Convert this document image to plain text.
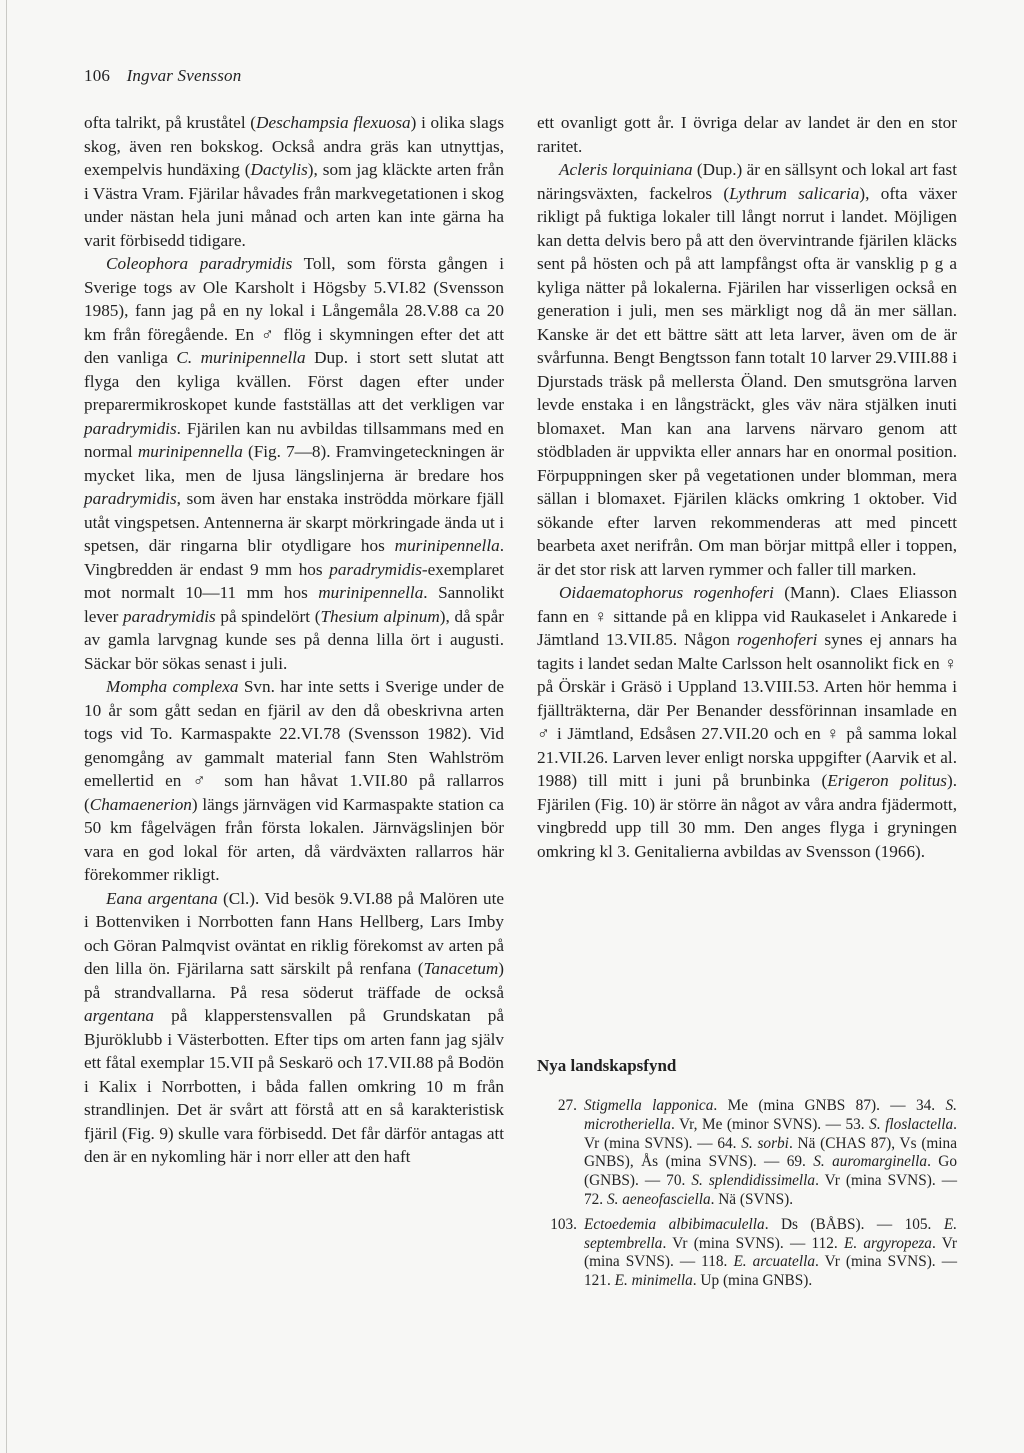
106 Ingvar Svensson

ofta talrikt, på kruståtel (Deschampsia flexuosa) i olika slags skog, även ren bokskog. Också andra gräs kan utnyttjas, exempelvis hundäxing (Dactylis), som jag kläckte arten från i Västra Vram. Fjärilar håvades från markvegetationen i skog under nästan hela juni månad och arten kan inte gärna ha varit förbisedd tidigare.

Coleophora paradrymidis Toll, som första gången i Sverige togs av Ole Karsholt i Högsby 5.VI.82 (Svensson 1985), fann jag på en ny lokal i Långemåla 28.V.88 ca 20 km från föregående. En ♂ flög i skymningen efter det att den vanliga C. murinipennella Dup. i stort sett slutat att flyga den kyliga kvällen. Först dagen efter under preparermikroskopet kunde fastställas att det verkligen var paradrymidis. Fjärilen kan nu avbildas tillsammans med en normal murinipennella (Fig. 7—8). Framvingeteckningen är mycket lika, men de ljusa längslinjerna är bredare hos paradrymidis, som även har enstaka inströdda mörkare fjäll utåt vingspetsen. Antennerna är skarpt mörkringade ända ut i spetsen, där ringarna blir otydligare hos murinipennella. Vingbredden är endast 9 mm hos paradrymidis-exemplaret mot normalt 10—11 mm hos murinipennella. Sannolikt lever paradrymidis på spindelört (Thesium alpinum), då spår av gamla larvgnag kunde ses på denna lilla ört i augusti. Säckar bör sökas senast i juli.

Mompha complexa Svn. har inte setts i Sverige under de 10 år som gått sedan en fjäril av den då obeskrivna arten togs vid To. Karmaspakte 22.VI.78 (Svensson 1982). Vid genomgång av gammalt material fann Sten Wahlström emellertid en ♂ som han håvat 1.VII.80 på rallarros (Chamaenerion) längs järnvägen vid Karmaspakte station ca 50 km fågelvägen från första lokalen. Järnvägslinjen bör vara en god lokal för arten, då värdväxten rallarros här förekommer rikligt.

Eana argentana (Cl.). Vid besök 9.VI.88 på Malören ute i Bottenviken i Norrbotten fann Hans Hellberg, Lars Imby och Göran Palmqvist oväntat en riklig förekomst av arten på den lilla ön. Fjärilarna satt särskilt på renfana (Tanacetum) på strandvallarna. På resa söderut träffade de också argentana på klapperstensvallen på Grundskatan på Bjuröklubb i Västerbotten. Efter tips om arten fann jag själv ett fåtal exemplar 15.VII på Seskarö och 17.VII.88 på Bodön i Kalix i Norrbotten, i båda fallen omkring 10 m från strandlinjen. Det är svårt att förstå att en så karakteristisk fjäril (Fig. 9) skulle vara förbisedd. Det får därför antagas att den är en nykomling här i norr eller att den haft

ett ovanligt gott år. I övriga delar av landet är den en stor raritet.

Acleris lorquiniana (Dup.) är en sällsynt och lokal art fast näringsväxten, fackelros (Lythrum salicaria), ofta växer rikligt på fuktiga lokaler till långt norrut i landet. Möjligen kan detta delvis bero på att den övervintrande fjärilen kläcks sent på hösten och på att lampfångst ofta är vansklig p g a kyliga nätter på lokalerna. Fjärilen har visserligen också en generation i juli, men ses märkligt nog då än mer sällan. Kanske är det ett bättre sätt att leta larver, även om de är svårfunna. Bengt Bengtsson fann totalt 10 larver 29.VIII.88 i Djurstads träsk på mellersta Öland. Den smutsgröna larven levde enstaka i en långsträckt, gles väv nära stjälken inuti blomaxet. Man kan ana larvens närvaro genom att stödbladen är uppvikta eller annars har en onormal position. Förpuppningen sker på vegetationen under blomman, mera sällan i blomaxet. Fjärilen kläcks omkring 1 oktober. Vid sökande efter larven rekommenderas att med pincett bearbeta axet nerifrån. Om man börjar mittpå eller i toppen, är det stor risk att larven rymmer och faller till marken.

Oidaematophorus rogenhoferi (Mann). Claes Eliasson fann en ♀ sittande på en klippa vid Raukaselet i Ankarede i Jämtland 13.VII.85. Någon rogenhoferi synes ej annars ha tagits i landet sedan Malte Carlsson helt osannolikt fick en ♀ på Örskär i Gräsö i Uppland 13.VIII.53. Arten hör hemma i fjällträkterna, där Per Benander dessförinnan insamlade en ♂ i Jämtland, Edsåsen 27.VII.20 och en ♀ på samma lokal 21.VII.26. Larven lever enligt norska uppgifter (Aarvik et al. 1988) till mitt i juni på brunbinka (Erigeron politus). Fjärilen (Fig. 10) är större än något av våra andra fjädermott, vingbredd upp till 30 mm. Den anges flyga i gryningen omkring kl 3. Genitalierna avbildas av Svensson (1966).

Nya landskapsfynd
27. Stigmella lapponica. Me (mina GNBS 87). — 34. S. microtheriella. Vr, Me (minor SVNS). — 53. S. floslactella. Vr (mina SVNS). — 64. S. sorbi. Nä (CHAS 87), Vs (mina GNBS), Ås (mina SVNS). — 69. S. auromarginella. Go (GNBS). — 70. S. splendidissimella. Vr (mina SVNS). — 72. S. aeneofasciella. Nä (SVNS).
103. Ectoedemia albibimaculella. Ds (BÅBS). — 105. E. septembrella. Vr (mina SVNS). — 112. E. argyropeza. Vr (mina SVNS). — 118. E. arcuatella. Vr (mina SVNS). — 121. E. minimella. Up (mina GNBS).
